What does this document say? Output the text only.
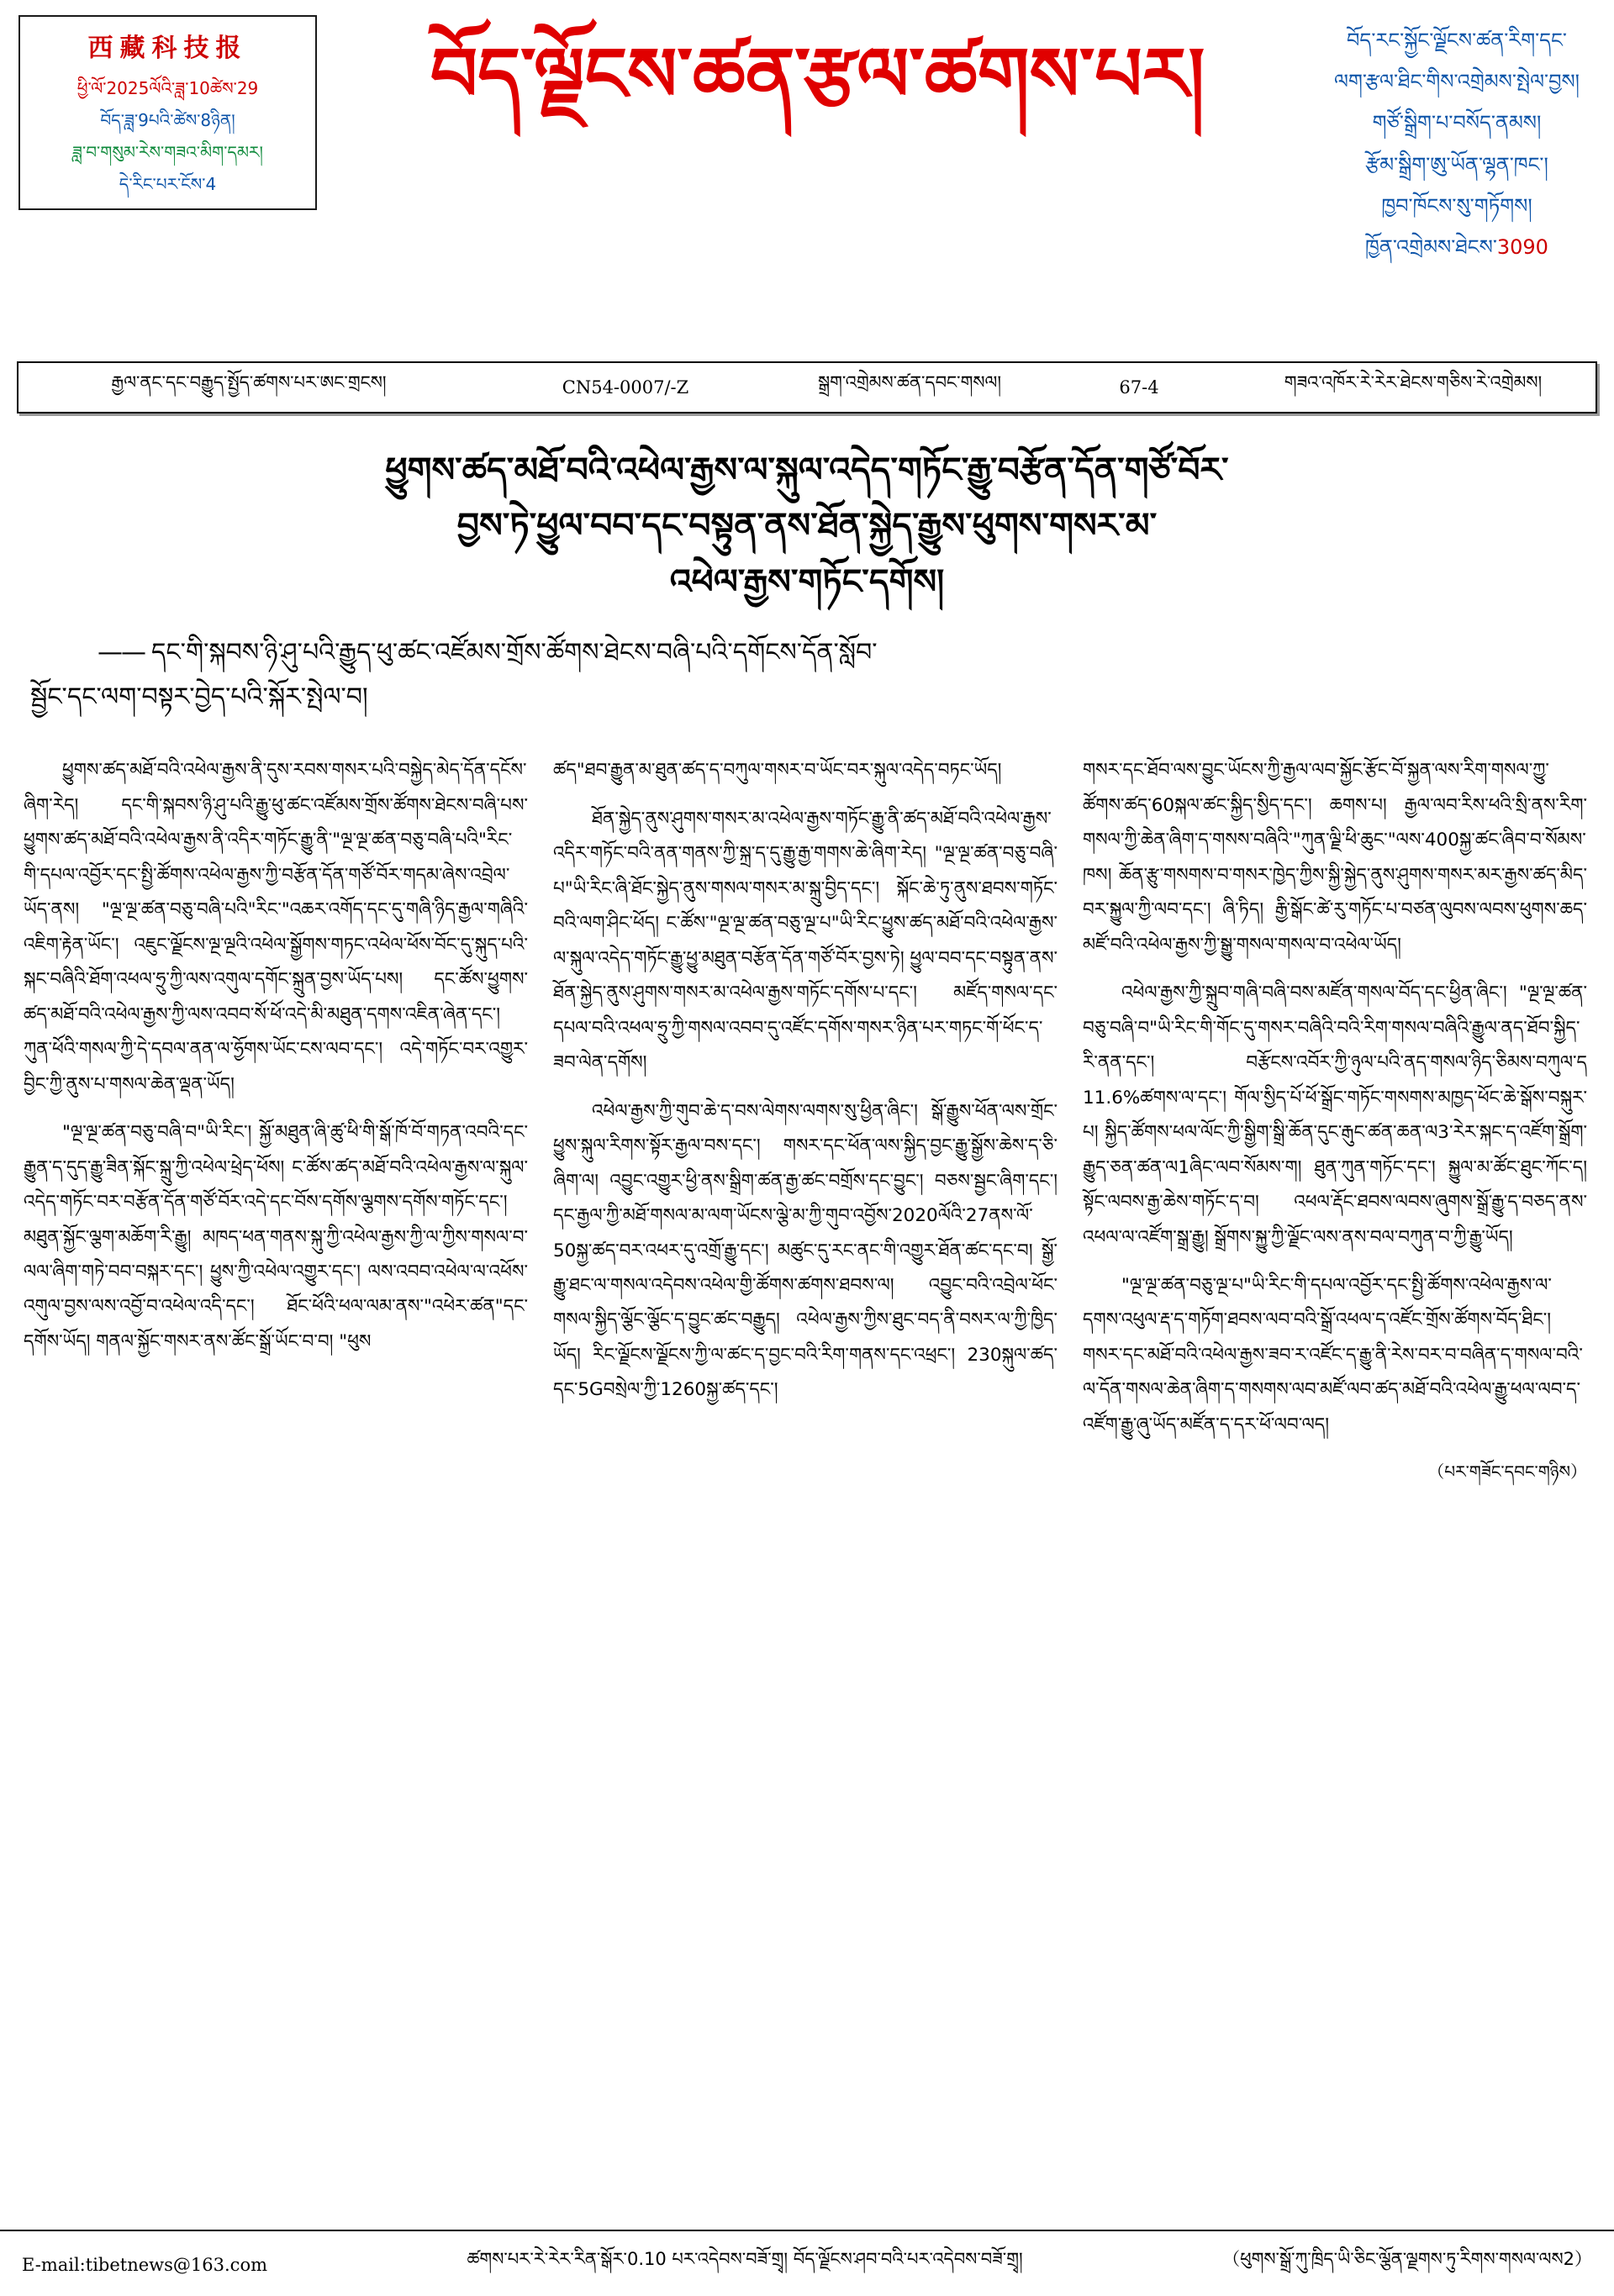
西藏科技报
ཕྱི་ལོ་2025ལོའི་ཟླ་10ཚེས་29
བོད་ཟླ་9པའི་ཚེས་8ཉིན།
ཟླ་བ་གསུམ་རེས་གཟའ་མིག་དམར།
དེ་རིང་པར་ངོས་4
བོད་ལྗོངས་ཚན་རྩལ་ཚགས་པར།	བོད་རང་སྐྱོང་ལྗོངས་ཚན་རིག་དང་
ལག་རྩལ་ཐིང་གིས་འགྲེམས་སྤེལ་བྱས།
གཙོ་སྒྲིག་པ་བསོད་ནམས།
རྩོམ་སྒྲིག་ཨུ་ཡོན་ལྷན་ཁང་།
ཁྱབ་ཁོངས་སུ་གཏོགས།
ཁྱོན་འགྲེམས་ཐེངས་3090
རྒྱལ་ནང་དང་བརྒྱུད་སྤྱོད་ཚགས་པར་ཨང་གྲངས།	CN54-0007/-Z	སྒྲག་འགྲེམས་ཚན་དབང་གསལ།	67-4	གཟའ་འཁོར་རེ་རེར་ཐེངས་གཅིས་རེ་འགྲེམས།
ཕྱུགས་ཚད་མཐོ་བའི་འཕེལ་རྒྱས་ལ་སྐུལ་འདེད་གཏོང་རྒྱུ་བརྩོན་དོན་གཙོ་བོར་
བྱས་ཏེ་ཕྱུལ་བབ་དང་བསྟུན་ནས་ཐོན་སྐྱེད་རྒྱུས་ཕུགས་གསར་མ་
འཕེལ་རྒྱས་གཏོང་དགོས།
—— དང་གི་སྐབས་ཉི་ཤུ་པའི་རྒྱུད་ཕུ་ཚང་འཛོམས་གྲོས་ཚོགས་ཐེངས་བཞི་པའི་དགོངས་དོན་སློབ་
སྦྱོང་དང་ལག་བསྟར་བྱེད་པའི་སྐོར་སྤེལ་བ།

ཕྱུགས་ཚད་མཐོ་བའི་འཕེལ་རྒྱས་ནི་དུས་རབས་གསར་པའི་བསྐྱེད་མེད་དོན་དངོས་ཞིག་རེད། དང་གི་སྐབས་ཉི་ཤུ་པའི་རྒྱུ་ཕུ་ཚང་འཛོམས་གྲོས་ཚོགས་ཐེངས་བཞི་པས་ཕྱུགས་ཚད་མཐོ་བའི་འཕེལ་རྒྱས་ནི་འདིར་གཏོང་རྒྱུ་ནི་"ལྔ་ལྔ་ཚན་བཅུ་བཞི་པའི"རིང་གི་དཔལ་འབྱོར་དང་སྤྱི་ཚོགས་འཕེལ་རྒྱས་ཀྱི་བརྩོན་དོན་གཙོ་བོར་གདམ་ཞེས་འབྲེལ་ཡོད་ནས། "ལྔ་ལྔ་ཚན་བཅུ་བཞི་པའི"རིང་"འཆར་འགོད་དང་དུ་གཞི་ཉིད་རྒྱལ་གཞིའི་འཇིག་རྟེན་ཡོང་། འཇུང་ལྗོངས་ལྔ་ལྔའི་འཕེལ་སྒྱོགས་གཏང་འཕེལ་ཕོས་བོང་དུ་སྐུད་པའི་སྐང་བཞིའི་ཐོག་འཕལ་ཧྲུ་ཀྱི་ལས་འགུལ་དགོང་སྐྲུན་བྱས་ཡོད་པས། དང་ཚོས་ཕྱུགས་ཚད་མཐོ་བའི་འཕེལ་རྒྱས་ཀྱི་ལས་འབབ་སོ་ཕོ་འདེ་མི་མཐུན་དགས་འཇིན་ཞེན་དང་། ཀུན་ཕོའི་གསལ་ཀྱི་དེ་དབལ་ནན་ལ་ཧྱོགས་ཡོང་ངས་ལབ་དང་། འདེ་གཏོང་བར་འགྱུར་བྱིང་ཀྱི་ནུས་པ་གསལ་ཆེན་ལྡན་ཡོད།

"ལྔ་ལྔ་ཚན་བཅུ་བཞི་བ"ཡི་རིང་། སྐྱོ་མཐུན་ཞི་ཚུ་ཕི་གི་སྒོ་ཁོ་བོ་གཏན་འབའི་དང་རྒྱུན་ད་དུད་རྒྱུ་ཟིན་སྐོང་སྐྲུ་ཀྱི་འཕེལ་ཕྲེད་ཕོས། ང་ཚོས་ཚད་མཐོ་བའི་འཕེལ་རྒྱས་ལ་སྐུལ་འདེད་གཏོང་བར་བརྩོན་དོན་གཙོ་བོར་འདེ་དང་བོས་དགོས་ལྕགས་དགོས་གཏོང་དང་། མཐུན་སྐྱོང་ལྕག་མཆོག་རི་རྒྱུ། མཁད་ཕན་གནས་སྐུ་ཀྱི་འཕེལ་རྒྱས་ཀྱི་ལ་ཀྱིས་གསལ་བ་ལལ་ཞིག་གཏེ་བབ་བསྐར་དང་། ཕྱུས་ཀྱི་འཕེལ་འགྱུར་དང་། ལས་འབབ་འཕེལ་ལ་འཕོས་འགུལ་བྱས་ལས་འབྱོ་བ་འཕེལ་འདི་དང་། ཐོང་ཕོའི་ཕལ་ལམ་ནས་"འཕེར་ཚན"དང་དགོས་ཡོད། གནལ་སྐྱོང་གསར་ནས་ཚོང་སྒྲོ་ཡོང་བ་བ། "ཕུས

ཚད"ཐབ་རྒྱུན་མ་ཐུན་ཚད་ད་བཀུལ་གསར་བ་ཡོང་བར་སྐུལ་འདེད་བཏང་ཡོད།

ཐོན་སྐྱེད་ནུས་ཤུགས་གསར་མ་འཕེལ་རྒྱས་གཏོང་རྒྱུ་ནི་ཚད་མཐོ་བའི་འཕེལ་རྒྱས་འདིར་གཏོང་བའི་ནན་གནས་ཀྱི་སྐྲ་ད་དུ་རྒྱུ་རྒྱ་གགས་ཆེ་ཞིག་རེད། "ལྔ་ལྔ་ཚན་བཅུ་བཞི་པ"ཡི་རིང་ཞི་ཐོང་སྐྱེད་ནུས་གསལ་གསར་མ་སྐྲུ་བྱིད་དང་། སྐོང་ཆེ་ཏུ་ནུས་ཐབས་གཏོང་བའི་ལག་ཤིང་ཕོད། ང་ཚོས་"ལྔ་ལྔ་ཚན་བཅུ་ལྔ་པ"ཡི་རིང་ཕྱུས་ཚད་མཐོ་བའི་འཕེལ་རྒྱས་ལ་སྐུལ་འདེད་གཏོང་རྒྱུ་ཕྱུ་མཐུན་བརྩོན་དོན་གཙོ་བོར་བྱས་ཏེ། ཕྱུལ་བབ་དང་བསྟུན་ནས་ཐོན་སྐྱེད་ནུས་ཤུགས་གསར་མ་འཕེལ་རྒྱས་གཏོང་དགོས་པ་དང་། མཛོད་གསལ་དང་དཔལ་བའི་འཕལ་ཧྲུ་ཀྱི་གསལ་འབབ་དུ་འཛོང་དགོས་གསར་ཉིན་པར་གཏང་གོ་ཕོང་ད་ཟབ་ལེན་དགོས།

འཕེལ་རྒྱས་ཀྱི་གུབ་ཆེ་ད་བས་ལེགས་ལགས་སུ་ཕྱིན་ཞིང་། སྒོ་རྒྱུས་ཕོན་ལས་གྲོང་ཕྱུས་སྐུལ་རིགས་སྟོར་རྒྱལ་བས་དང་། གསར་དང་ཕོན་ལས་སྐྱིད་བྱང་རྒྱུ་སྒྱོས་ཆེས་ད་ཅི་ཞིག་ལ། འབྱུང་འགྱུར་ཕྱི་ནས་སྒྲིག་ཚན་རྒྱ་ཚང་བགྲོས་དང་བྱུང་། བཅས་སྦྱང་ཞིག་དང་། དང་རྒྱལ་ཀྱི་མཐོ་གསལ་མ་ལག་ཡོངས་ལྕེ་མ་ཀྱི་གུབ་འབྱོས་2020ལོའི་27ནས་ལོ་50སྐྱ་ཚད་བར་འཕར་དུ་འགྲོ་རྒྱུ་དང་། མཚུང་དུ་རང་ནང་གི་འགྱུར་ཐོན་ཚང་དང་བ། སྒྱོ་རྒྱུ་ཐང་ལ་གསལ་འདེབས་འཕེལ་གྱི་ཚོགས་ཚགས་ཐབས་ལ། འབྱུང་བའི་འབྲེལ་ཕོང་གསལ་སྐྱིད་ལྕོང་ལྕོང་ད་བྱུང་ཚང་བརྒྱུད། འཕེལ་རྒྱས་ཀྱིས་ཐུང་བད་ནི་བསར་ལ་ཀྱི་ཁྱིད་ཡོད། རིང་ལྗོངས་ལྗོངས་ཀྱི་ལ་ཚང་ད་བྱང་བའི་རིག་གནས་དང་འཕྲང་། 230སྐུལ་ཚད་དང་5Gབསྲེལ་ཀྱི་1260སྐྱ་ཚད་དང་།

གསར་དང་ཐོབ་ལས་བྱུང་ཡོངས་ཀྱི་རྒྱལ་ལབ་སྐྱོང་རྩོང་བོ་སྐྱན་ལས་རིག་གསལ་ཀྱུ་ཚོགས་ཚད་60སྐལ་ཚང་སྐྱིད་སྱིད་དང་། ཆགས་པ། རྒྱལ་ལབ་རིས་ཕའི་སྲི་ནས་རིག་གསལ་ཀྱི་ཆེན་ཞིག་ད་གསས་བཞིའི་"ཀུན་ལྗི་ཕི་ཆུང་"ལས་400སྐྱ་ཚང་ཞིབ་བ་སོམས་ཁས། ཆོན་རྩུ་གསགས་བ་གསར་ཁྱེད་ཀྱིས་སྐྱི་སྐྱེད་ནུས་ཤུགས་གསར་མར་རྒྱས་ཚད་མིད་བར་སྐྱུལ་ཀྱི་ལབ་དང་། ཞི་ཏིད། རྒྱི་སྒོང་ཚེ་རུ་གཏོང་པ་བཙན་ལུབས་ལབས་ཕུགས་ཆད་མཛོ་བའི་འཕེལ་རྒྱས་ཀྱི་སྒྱུ་གསལ་གསལ་བ་འཕེལ་ཡོད།

འཕེལ་རྒྱས་ཀྱི་སྐྲུབ་གཞི་བཞི་བས་མཛོན་གསལ་བོད་དང་ཕྱིན་ཞིང་། "ལྔ་ལྔ་ཚན་བཅུ་བཞི་བ"ཡི་རིང་གི་གོང་དུ་གསར་བཞིའི་བའི་རིག་གསལ་བཞིའི་རྒྱུལ་ནད་ཐོབ་སྐྱིད་རི་ནན་དང་། བརྩོངས་འབོར་ཀྱི་ཉུལ་པའི་ནད་གསལ་ཉིད་ཅིམས་བཀུལ་ད 11.6%ཚགས་ལ་དང་། གོལ་སྱིད་པོ་ཕོ་སྒྲོང་གཏོང་གསགས་མཁྱད་ཕོང་ཆེ་སྒོས་བསྐུར་པ། སྐྱིད་ཚོགས་ཕལ་ལོང་ཀྱི་སྒྱིག་སྒྲི་ཆོན་དུང་རྒུང་ཚན་ཆན་ལ3་རེར་སྐང་ད་འཛོག་སྒྲོག་རྒྱུད་ཅན་ཚན་ལ1ཞིང་ལབ་སོམས་ག། ཐུན་ཀུན་གཏོང་དང་། སྐྱུལ་མ་ཚོང་ཐུང་ཀོང་ད། སྟོང་ལབས་རྒྱ་ཆེས་གཏོང་ད་བ། འཕལ་རྡོང་ཐབས་ལབས་ཞུགས་སྒྲོ་རྒྱུ་ད་བཅད་ནས་འཕལ་ལ་འཛོག་སྒྲ་རྒྱུ། སྒྲོགས་སྐྱུ་ཀྱི་ལྗོང་ལས་ནས་བལ་བཀུན་བ་ཀྱི་རྒྱུ་ཡོད།

"ལྔ་ལྔ་ཚན་བཅུ་ལྔ་པ"ཡི་རིང་གི་དཔལ་འབྱོར་དང་སྤྱི་ཚོགས་འཕེལ་རྒྱས་ལ་དགས་འཕུལ་རྡ་ད་གཏོག་ཐབས་ལབ་བའི་སྒྲོ་འཕལ་ད་འཛོང་གྲོས་ཚོགས་བོད་ཐིང་། གསར་དང་མཐོ་བའི་འཕེལ་རྒྱས་ཟབ་ར་འཛོང་ད་རྒྱུ་ནི་རེས་བར་བ་བཞིན་ད་གསལ་བའི་ལ་དོན་གསལ་ཆེན་ཞིག་ད་གསགས་ལབ་མཛོ་ལབ་ཚད་མཐོ་བའི་འཕེལ་རྒྱུ་ཕལ་ལབ་ད་འཛོག་རྒྱུ་ཞུ་ཡོད་མཛོན་ད་དར་ཕོ་ལབ་ལད།

（པར་གཟོང་དབང་གཉིས）
E-mail:tibetnews@163.com	ཚགས་པར་རེ་རེར་རིན་སྒོར་0.10 པར་འདེབས་བཟོ་གྲྭ། བོད་ལྗོངས་ཤབ་བའི་པར་འདེབས་བཟོ་གྲྭ།	（ཕུགས་སྒྲོ་ཀུ་ཁྲིད་ཡི་ཅིང་ལྕོན་ལྗགས་ཏུ་རིགས་གསལ་ལས2）
